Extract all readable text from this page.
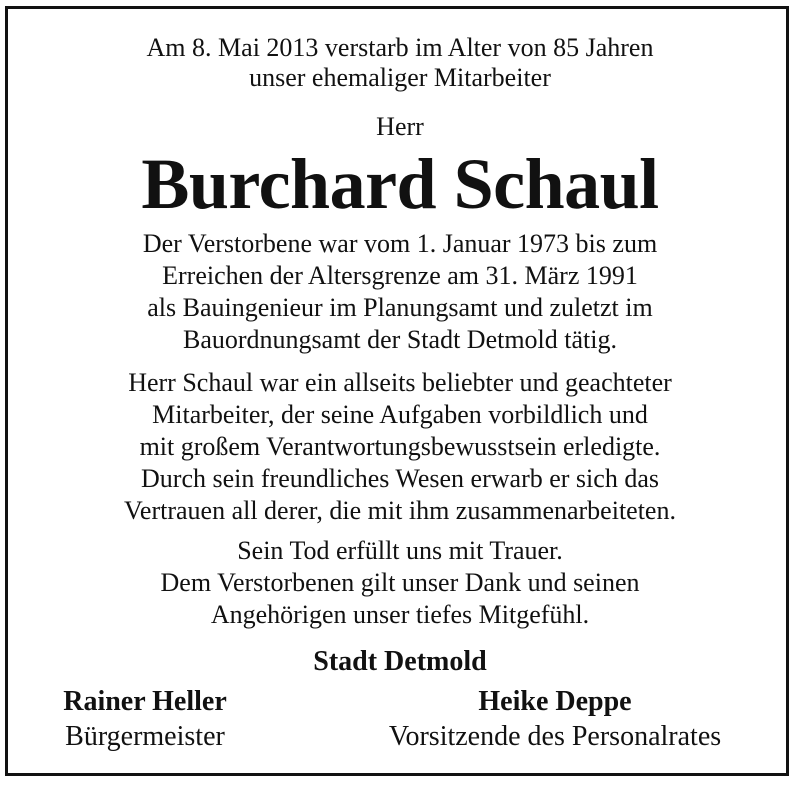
Am 8. Mai 2013 verstarb im Alter von 85 Jahren
unser ehemaliger Mitarbeiter
Herr
Burchard Schaul
Der Verstorbene war vom 1. Januar 1973 bis zum
Erreichen der Altersgrenze am 31. März 1991
als Bauingenieur im Planungsamt und zuletzt im
Bauordnungsamt der Stadt Detmold tätig.
Herr Schaul war ein allseits beliebter und geachteter
Mitarbeiter, der seine Aufgaben vorbildlich und
mit großem Verantwortungsbewusstsein erledigte.
Durch sein freundliches Wesen erwarb er sich das
Vertrauen all derer, die mit ihm zusammenarbeiteten.
Sein Tod erfüllt uns mit Trauer.
Dem Verstorbenen gilt unser Dank und seinen
Angehörigen unser tiefes Mitgefühl.
Stadt Detmold
Rainer Heller
Bürgermeister
Heike Deppe
Vorsitzende des Personalrates
